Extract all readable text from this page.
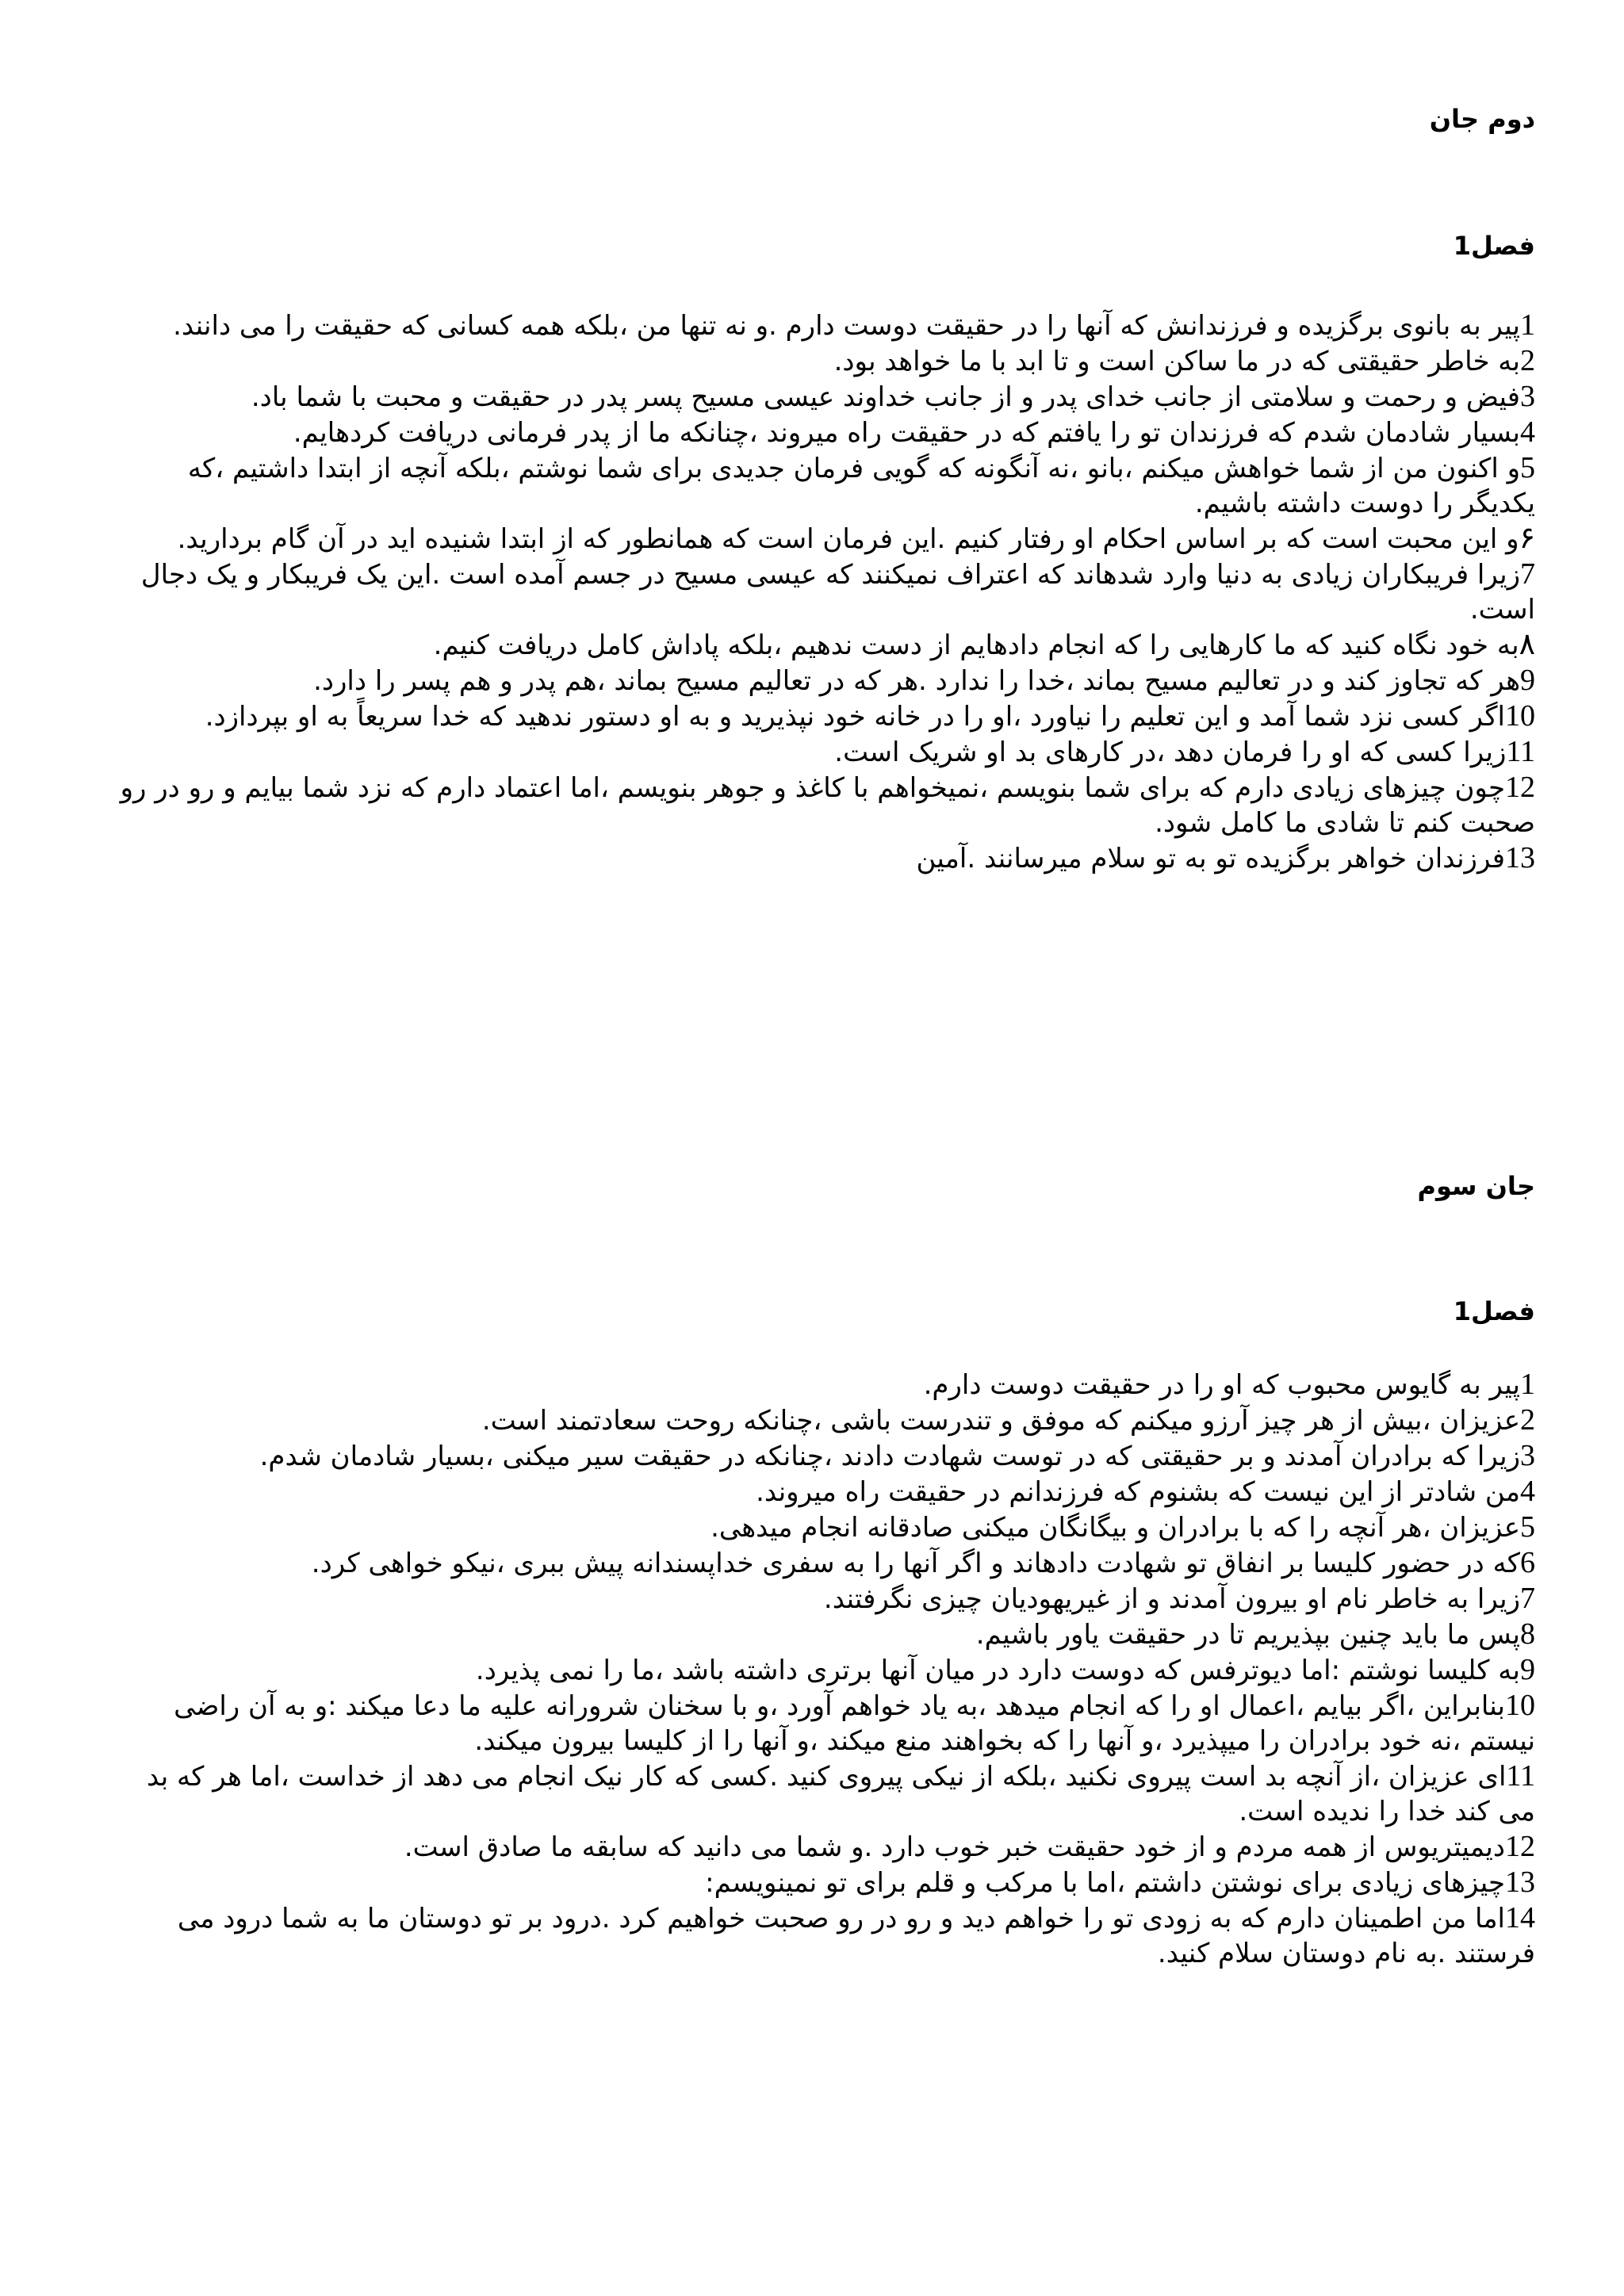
دوم جان
فصل1
1پیر به بانوی برگزیده و فرزندانش که آنها را در حقیقت دوست دارم .و نه تنها من ،بلکه همه کسانی که حقیقت را می دانند.
2به خاطر حقیقتی که در ما ساکن است و تا ابد با ما خواهد بود.
3فیض و رحمت و سلامتی از جانب خدای پدر و از جانب خداوند عیسی مسیح پسر پدر در حقیقت و محبت با شما باد.
4بسیار شادمان شدم که فرزندان تو را یافتم که در حقیقت راه میروند ،چنانکه ما از پدر فرمانی دریافت کردهایم.
5و اکنون من از شما خواهش میکنم ،بانو ،نه آنگونه که گویی فرمان جدیدی برای شما نوشتم ،بلکه آنچه از ابتدا داشتیم ،که یکدیگر را دوست داشته باشیم.
۶و این محبت است که بر اساس احکام او رفتار کنیم .این فرمان است که همانطور که از ابتدا شنیده اید در آن گام بردارید.
7زیرا فریبکاران زیادی به دنیا وارد شدهاند که اعتراف نمیکنند که عیسی مسیح در جسم آمده است .این یک فریبکار و یک دجال است.
٨به خود نگاه کنید که ما کارهایی را که انجام دادهایم از دست ندهیم ،بلکه پاداش کامل دریافت کنیم.
9هر که تجاوز کند و در تعالیم مسیح بماند ،خدا را ندارد .هر که در تعالیم مسیح بماند ،هم پدر و هم پسر را دارد.
10اگر کسی نزد شما آمد و این تعلیم را نیاورد ،او را در خانه خود نپذیرید و به او دستور ندهید که خدا سریعاً به او بپردازد.
11زیرا کسی که او را فرمان دهد ،در کارهای بد او شریک است.
12چون چیزهای زیادی دارم که برای شما بنویسم ،نمیخواهم با کاغذ و جوهر بنویسم ،اما اعتماد دارم که نزد شما بیایم و رو در رو صحبت کنم تا شادی ما کامل شود.
13فرزندان خواهر برگزیده تو به تو سلام میرسانند .آمین
جان سوم
فصل1
1پیر به گایوس محبوب که او را در حقیقت دوست دارم.
2عزیزان ،بیش از هر چیز آرزو میکنم که موفق و تندرست باشی ،چنانکه روحت سعادتمند است.
3زیرا که برادران آمدند و بر حقیقتی که در توست شهادت دادند ،چنانکه در حقیقت سیر میکنی ،بسیار شادمان شدم.
4من شادتر از این نیست که بشنوم که فرزندانم در حقیقت راه میروند.
5عزیزان ،هر آنچه را که با برادران و بیگانگان میکنی صادقانه انجام میدهی.
6که در حضور کلیسا بر انفاق تو شهادت دادهاند و اگر آنها را به سفری خداپسندانه پیش ببری ،نیکو خواهی کرد.
7زیرا به خاطر نام او بیرون آمدند و از غیریهودیان چیزی نگرفتند.
8پس ما باید چنین بپذیریم تا در حقیقت یاور باشیم.
9به کلیسا نوشتم :اما دیوترفس که دوست دارد در میان آنها برتری داشته باشد ،ما را نمی پذیرد.
10بنابراین ،اگر بیایم ،اعمال او را که انجام میدهد ،به یاد خواهم آورد ،و با سخنان شرورانه علیه ما دعا میکند :و به آن راضی نیستم ،نه خود برادران را میپذیرد ،و آنها را که بخواهند منع میکند ،و آنها را از کلیسا بیرون میکند.
11ای عزیزان ،از آنچه بد است پیروی نکنید ،بلکه از نیکی پیروی کنید .کسی که کار نیک انجام می دهد از خداست ،اما هر که بد می کند خدا را ندیده است.
12دیمیتریوس از همه مردم و از خود حقیقت خبر خوب دارد .و شما می دانید که سابقه ما صادق است.
13چیزهای زیادی برای نوشتن داشتم ،اما با مرکب و قلم برای تو نمینویسم:
14اما من اطمینان دارم که به زودی تو را خواهم دید و رو در رو صحبت خواهیم کرد .درود بر تو دوستان ما به شما درود می فرستند .به نام دوستان سلام کنید.
